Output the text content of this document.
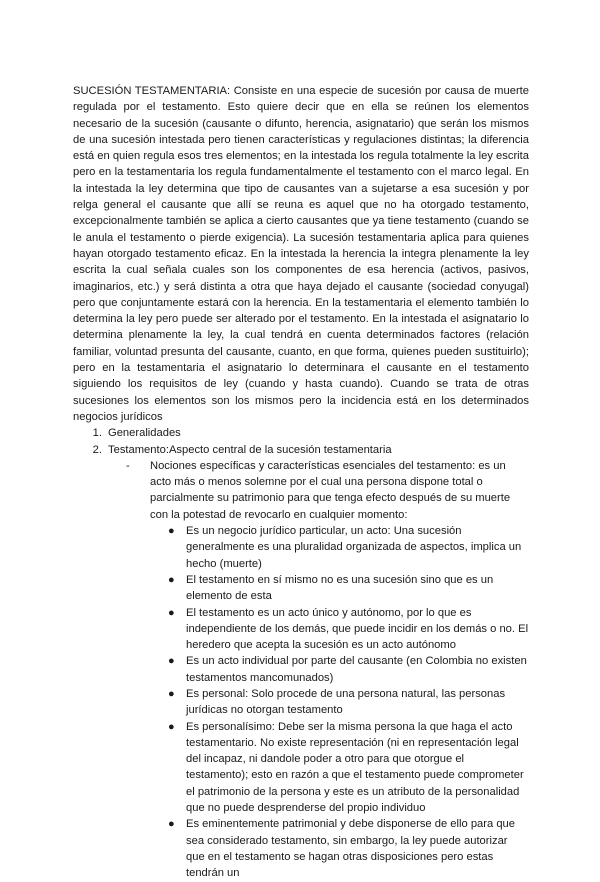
SUCESIÓN TESTAMENTARIA: Consiste en una especie de sucesión por causa de muerte regulada por el testamento. Esto quiere decir que en ella se reúnen los elementos necesario de la sucesión (causante o difunto, herencia, asignatario) que serán los mismos de una sucesión intestada pero tienen características y regulaciones distintas; la diferencia está en quien regula esos tres elementos; en la intestada los regula totalmente la ley escrita pero en la testamentaria los regula fundamentalmente el testamento con el marco legal. En la intestada la ley determina que tipo de causantes van a sujetarse a esa sucesión y por relga general el causante que allí se reuna es aquel que no ha otorgado testamento, excepcionalmente también se aplica a cierto causantes que ya tiene testamento (cuando se le anula el testamento o pierde exigencia). La sucesión testamentaria aplica para quienes hayan otorgado testamento eficaz. En la intestada la herencia la integra plenamente la ley escrita la cual señala cuales son los componentes de esa herencia (activos, pasivos, imaginarios, etc.) y será distinta a otra que haya dejado el causante (sociedad conyugal) pero que conjuntamente estará con la herencia. En la testamentaria el elemento también lo determina la ley pero puede ser alterado por el testamento. En la intestada el asignatario lo determina plenamente la ley, la cual tendrá en cuenta determinados factores (relación familiar, voluntad presunta del causante, cuanto, en que forma, quienes pueden sustituirlo); pero en la testamentaria el asignatario lo determinara el causante en el testamento siguiendo los requisitos de ley (cuando y hasta cuando). Cuando se trata de otras sucesiones los elementos son los mismos pero la incidencia está en los determinados negocios jurídicos

1. Generalidades
2. Testamento:Aspecto central de la sucesión testamentaria
- Nociones específicas y características esenciales del testamento: es un acto más o menos solemne por el cual una persona dispone total o parcialmente su patrimonio para que tenga efecto después de su muerte con la potestad de revocarlo en cualquier momento:
● Es un negocio jurídico particular, un acto: Una sucesión generalmente es una pluralidad organizada de aspectos, implica un hecho (muerte)
● El testamento en sí mismo no es una sucesión sino que es un elemento de esta
● El testamento es un acto único y autónomo, por lo que es independiente de los demás, que puede incidir en los demás o no. El heredero que acepta la sucesión es un acto autónomo
● Es un acto individual por parte del causante (en Colombia no existen testamentos mancomunados)
● Es personal: Solo procede de una persona natural, las personas jurídicas no otorgan testamento
● Es personalísimo: Debe ser la misma persona la que haga el acto testamentario. No existe representación (ni en representación legal del incapaz, ni dandole poder a otro para que otorgue el testamento); esto en razón a que el testamento puede comprometer el patrimonio de la persona y este es un atributo de la personalidad que no puede desprenderse del propio individuo
● Es eminentemente patrimonial y debe disponerse de ello para que sea considerado testamento, sin embargo, la ley puede autorizar que en el testamento se hagan otras disposiciones pero estas tendrán un
